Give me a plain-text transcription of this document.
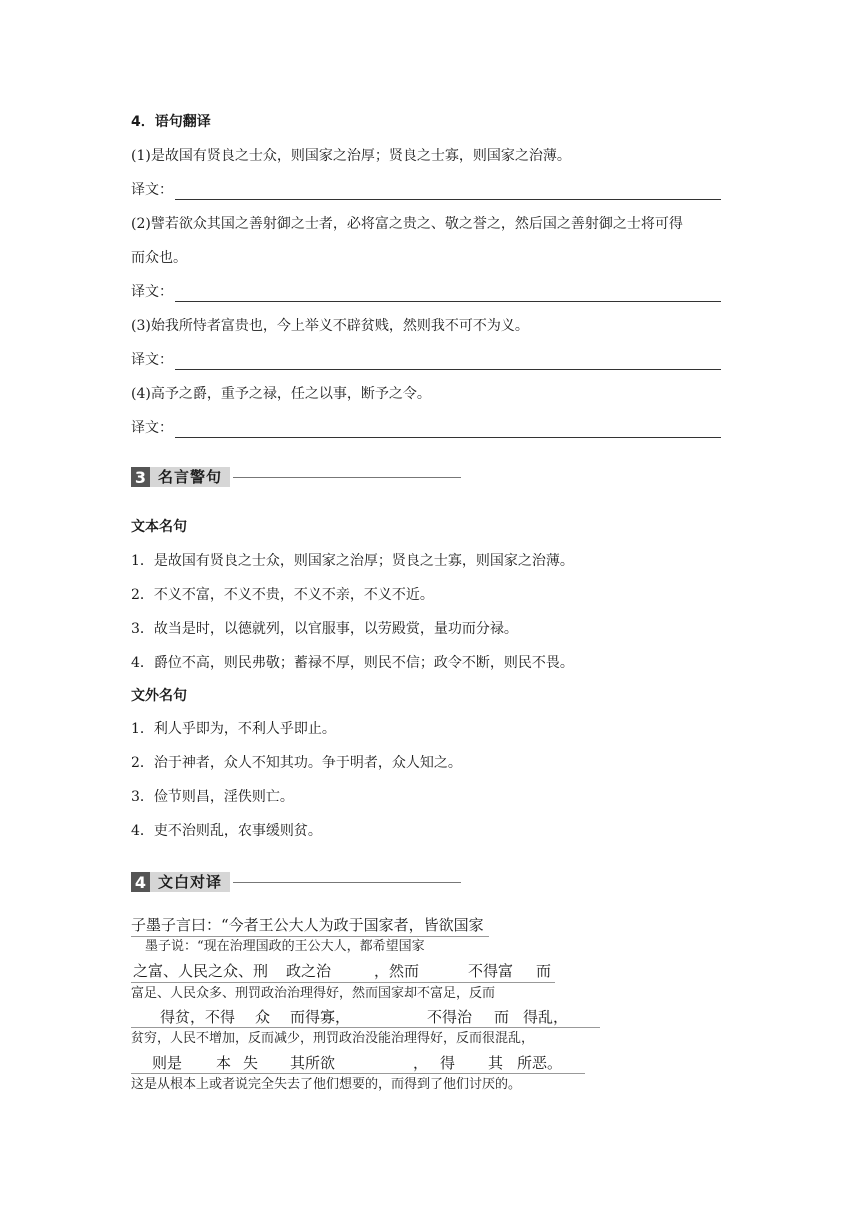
4．语句翻译
(1)是故国有贤良之士众，则国家之治厚；贤良之士寡，则国家之治薄。
译文：
(2)譬若欲众其国之善射御之士者，必将富之贵之、敬之誉之，然后国之善射御之士将可得
而众也。
译文：
(3)始我所恃者富贵也，今上举义不辟贫贱，然则我不可不为义。
译文：
(4)高予之爵，重予之禄，任之以事，断予之令。
译文：
3 名言警句
文本名句
1．是故国有贤良之士众，则国家之治厚；贤良之士寡，则国家之治薄。
2．不义不富，不义不贵，不义不亲，不义不近。
3．故当是时，以德就列，以官服事，以劳殿赏，量功而分禄。
4．爵位不高，则民弗敬；蓄禄不厚，则民不信；政令不断，则民不畏。
文外名句
1．利人乎即为，不利人乎即止。
2．治于神者，众人不知其功。争于明者，众人知之。
3．俭节则昌，淫佚则亡。
4．吏不治则乱，农事缓则贫。
4 文白对译
子墨子言曰：“今者王公大人为政于国家者，皆欲国家
墨子说：“现在治理国政的王公大人，都希望国家
之富、人民之众、刑 政之治	，然而	不得富 而
富足、人民众多、刑罚政治治理得好，然而国家却不富足，反而
得贫，不得 众 而得寡，	不得治 而 得乱，
贫穷，人民不增加，反而减少，刑罚政治没能治理得好，反而很混乱，
则是 本 失 其所欲	， 得 其 所恶。
这是从根本上或者说完全失去了他们想要的，而得到了他们讨厌的。
